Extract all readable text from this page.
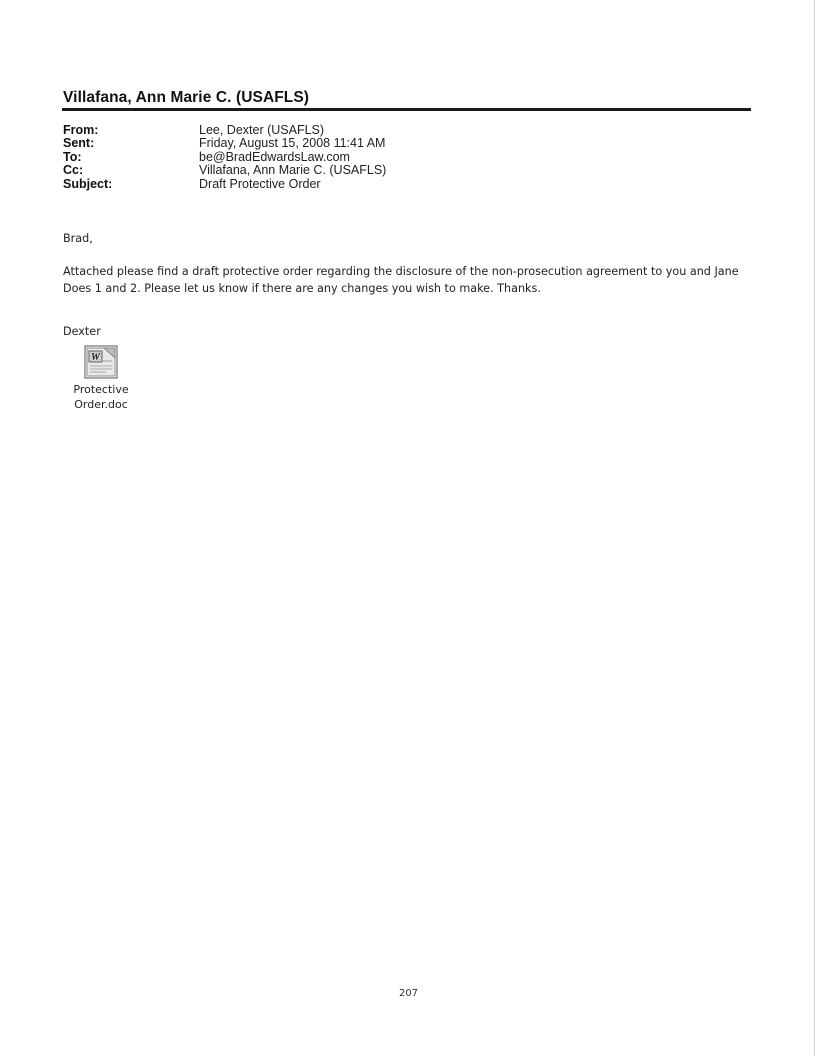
Villafana, Ann Marie C. (USAFLS)
From:	Lee, Dexter (USAFLS)
Sent:	Friday, August 15, 2008 11:41 AM
To:	be@BradEdwardsLaw.com
Cc:	Villafana, Ann Marie C. (USAFLS)
Subject:	Draft Protective Order
Brad,
Attached please find a draft protective order regarding the disclosure of the non-prosecution agreement to you and Jane
Does 1 and 2. Please let us know if there are any changes you wish to make. Thanks.
Dexter
W
Protective
Order.doc
207
